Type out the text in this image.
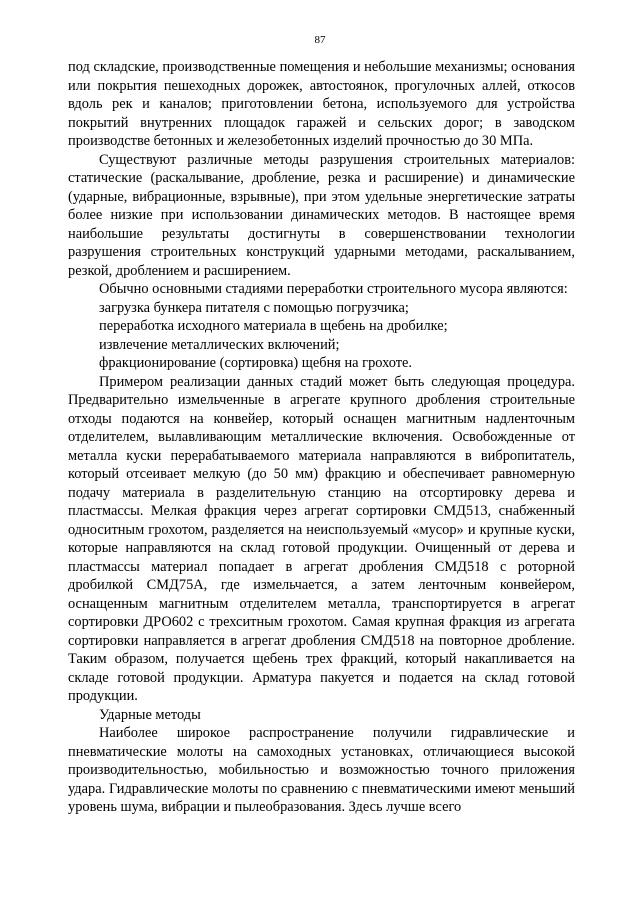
87

под складские, производственные помещения и небольшие механизмы; основания или покрытия пешеходных дорожек, автостоянок, прогулочных аллей, откосов вдоль рек и каналов; приготовлении бетона, используемого для устройства покрытий внутренних площадок гаражей и сельских дорог; в заводском производстве бетонных и железобетонных изделий прочностью до 30 МПа.

Существуют различные методы разрушения строительных материалов: статические (раскалывание, дробление, резка и расширение) и динамические (ударные, вибрационные, взрывные), при этом удельные энергетические затраты более низкие при использовании динамических методов. В настоящее время наибольшие результаты достигнуты в совершенствовании технологии разрушения строительных конструкций ударными методами, раскалыванием, резкой, дроблением и расширением.

Обычно основными стадиями переработки строительного мусора являются:

загрузка бункера питателя с помощью погрузчика;

переработка исходного материала в щебень на дробилке;

извлечение металлических включений;

фракционирование (сортировка) щебня на грохоте.

Примером реализации данных стадий может быть следующая процедура. Предварительно измельченные в агрегате крупного дробления строительные отходы подаются на конвейер, который оснащен магнитным надленточным отделителем, вылавливающим металлические включения. Освобожденные от металла куски перерабатываемого материала направляются в вибропитатель, который отсеивает мелкую (до 50 мм) фракцию и обеспечивает равномерную подачу материала в разделительную станцию на отсортировку дерева и пластмассы. Мелкая фракция через агрегат сортировки СМД513, снабженный односитным грохотом, разделяется на неиспользуемый «мусор» и крупные куски, которые направляются на склад готовой продукции. Очищенный от дерева и пластмассы материал попадает в агрегат дробления СМД518 с роторной дробилкой СМД75А, где измельчается, а затем ленточным конвейером, оснащенным магнитным отделителем металла, транспортируется в агрегат сортировки ДРО602 с трехситным грохотом. Самая крупная фракция из агрегата сортировки направляется в агрегат дробления СМД518 на повторное дробление. Таким образом, получается щебень трех фракций, который накапливается на складе готовой продукции. Арматура пакуется и подается на склад готовой продукции.

Ударные методы

Наиболее широкое распространение получили гидравлические и пневматические молоты на самоходных установках, отличающиеся высокой производительностью, мобильностью и возможностью точного приложения удара. Гидравлические молоты по сравнению с пневматическими имеют меньший уровень шума, вибрации и пылеобразования. Здесь лучше всего
